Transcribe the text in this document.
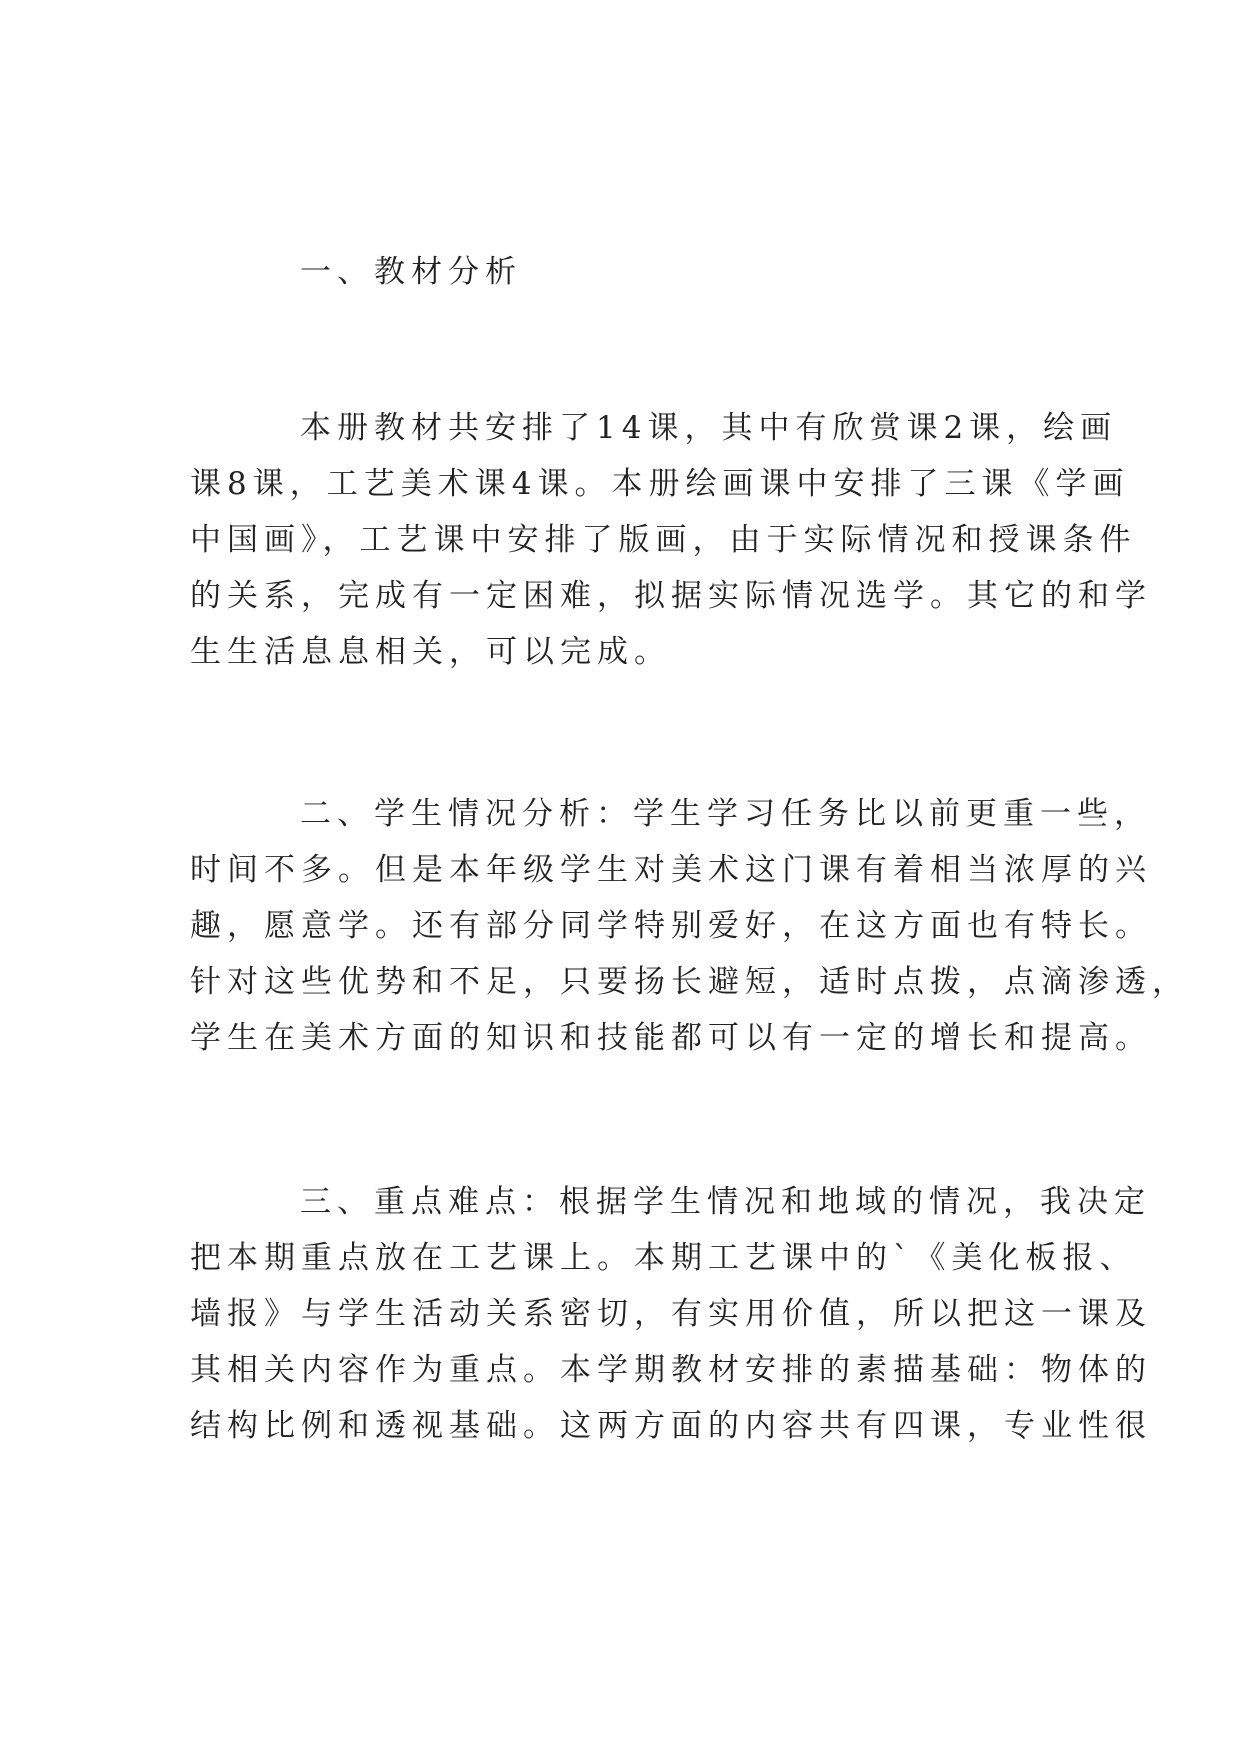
一、教材分析
本册教材共安排了14课，其中有欣赏课2课，绘画
课8课，工艺美术课4课。本册绘画课中安排了三课《学画
中国画》，工艺课中安排了版画，由于实际情况和授课条件
的关系，完成有一定困难，拟据实际情况选学。其它的和学
生生活息息相关，可以完成。
二、学生情况分析：学生学习任务比以前更重一些，
时间不多。但是本年级学生对美术这门课有着相当浓厚的兴
趣，愿意学。还有部分同学特别爱好，在这方面也有特长。
针对这些优势和不足，只要扬长避短，适时点拨，点滴渗透，
学生在美术方面的知识和技能都可以有一定的增长和提高。
三、重点难点：根据学生情况和地域的情况，我决定
把本期重点放在工艺课上。本期工艺课中的`《美化板报、
墙报》与学生活动关系密切，有实用价值，所以把这一课及
其相关内容作为重点。本学期教材安排的素描基础：物体的
结构比例和透视基础。这两方面的内容共有四课，专业性很
